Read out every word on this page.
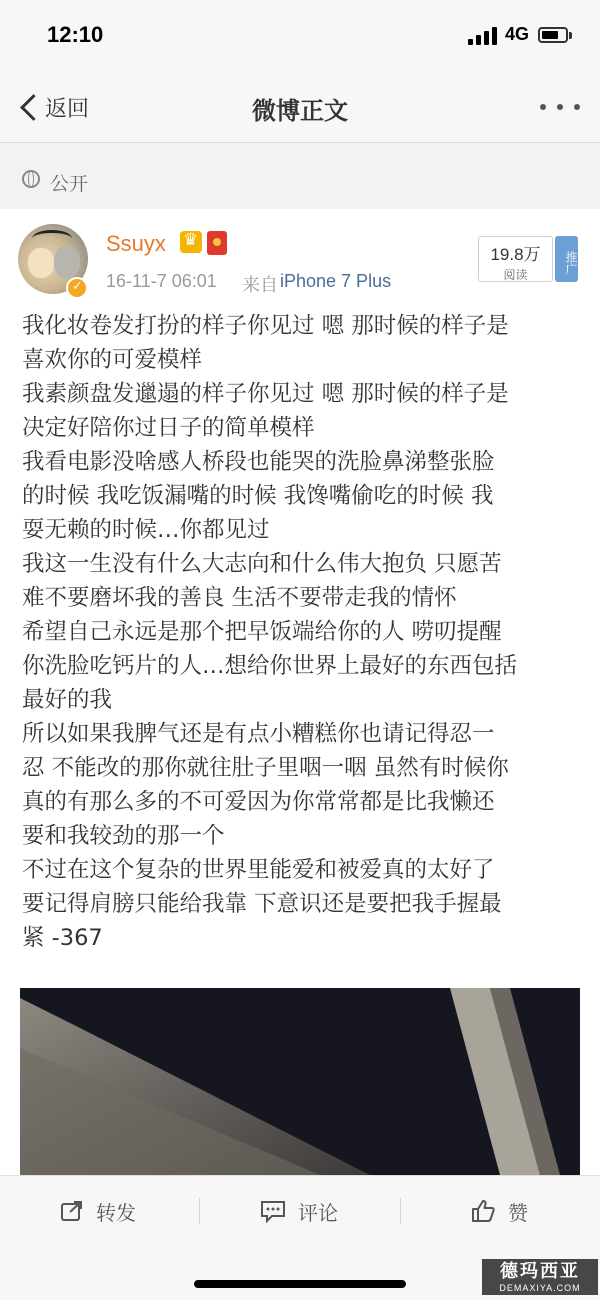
12:10	4G
返回	微博正文
公开
✓
Ssuyx
♛
16-11-7 06:01 来自 iPhone 7 Plus
19.8万
阅读	推广

我化妆卷发打扮的样子你见过 嗯 那时候的样子是

喜欢你的可爱模样

我素颜盘发邋遢的样子你见过 嗯 那时候的样子是

决定好陪你过日子的简单模样

我看电影没啥感人桥段也能哭的洗脸鼻涕整张脸

的时候 我吃饭漏嘴的时候 我馋嘴偷吃的时候 我

耍无赖的时候…你都见过

我这一生没有什么大志向和什么伟大抱负 只愿苦

难不要磨坏我的善良 生活不要带走我的情怀

希望自己永远是那个把早饭端给你的人 唠叨提醒

你洗脸吃钙片的人…想给你世界上最好的东西包括

最好的我

所以如果我脾气还是有点小糟糕你也请记得忍一

忍 不能改的那你就往肚子里咽一咽 虽然有时候你

真的有那么多的不可爱因为你常常都是比我懒还

要和我较劲的那一个

不过在这个复杂的世界里能爱和被爱真的太好了

要记得肩膀只能给我靠 下意识还是要把我手握最

紧 -367

转发	评论	赞
德玛西亚
DEMAXIYA.COM
